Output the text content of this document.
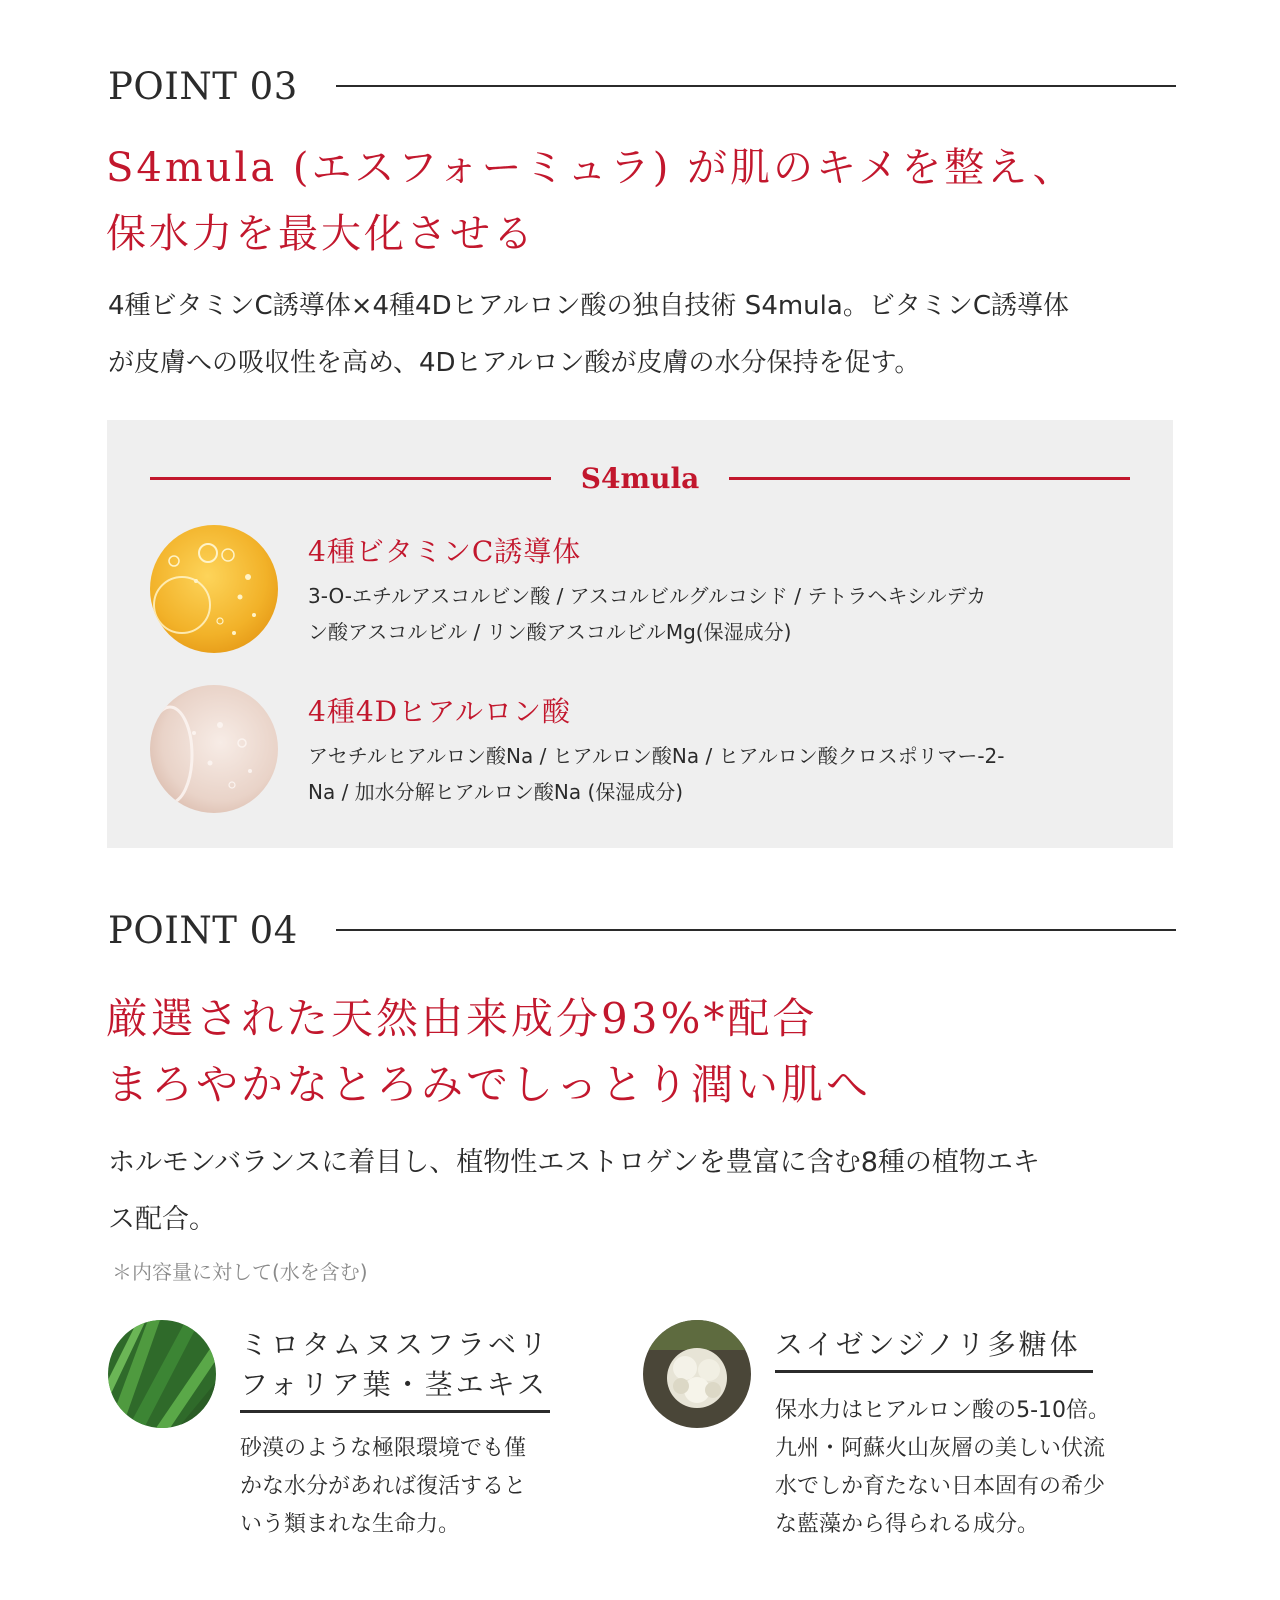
POINT 03
S4mula (エスフォーミュラ) が肌のキメを整え、
保水力を最大化させる
4種ビタミンC誘導体×4種4Dヒアルロン酸の独自技術 S4mula。ビタミンC誘導体
が皮膚への吸収性を高め、4Dヒアルロン酸が皮膚の水分保持を促す。
S4mula
4種ビタミンC誘導体
3-O-エチルアスコルビン酸 / アスコルビルグルコシド / テトラヘキシルデカ
ン酸アスコルビル / リン酸アスコルビルMg(保湿成分)
4種4Dヒアルロン酸
アセチルヒアルロン酸Na / ヒアルロン酸Na / ヒアルロン酸クロスポリマー-2-
Na / 加水分解ヒアルロン酸Na (保湿成分)
POINT 04
厳選された天然由来成分93%*配合
まろやかなとろみでしっとり潤い肌へ
ホルモンバランスに着目し、植物性エストロゲンを豊富に含む8種の植物エキ
ス配合。
＊内容量に対して(水を含む)
ミロタムヌスフラベリ
フォリア葉・茎エキス
砂漠のような極限環境でも僅
かな水分があれば復活すると
いう類まれな生命力。
スイゼンジノリ多糖体
保水力はヒアルロン酸の5-10倍。
九州・阿蘇火山灰層の美しい伏流
水でしか育たない日本固有の希少
な藍藻から得られる成分。
